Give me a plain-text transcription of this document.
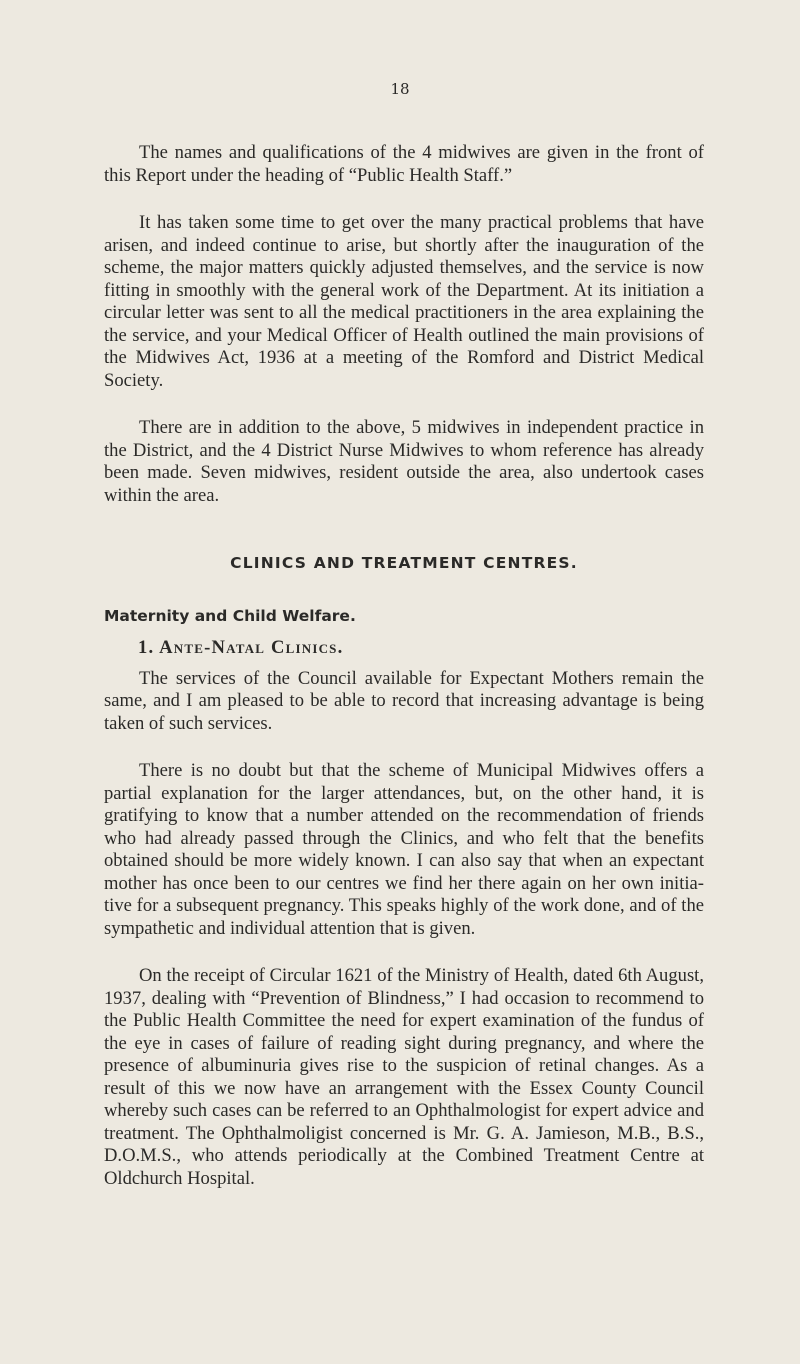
18

The names and qualifications of the 4 midwives are given in the front of this Report under the heading of “Public Health Staff.”

It has taken some time to get over the many practical problems that have arisen, and indeed continue to arise, but shortly after the inauguration of the scheme, the major matters quickly adjusted themselves, and the service is now fitting in smoothly with the general work of the Department. At its initiation a circular letter was sent to all the medical practitioners in the area explaining the the service, and your Medical Officer of Health outlined the main provisions of the Midwives Act, 1936 at a meeting of the Romford and District Medical Society.

There are in addition to the above, 5 midwives in independent practice in the District, and the 4 District Nurse Midwives to whom reference has already been made. Seven midwives, resident outside the area, also undertook cases within the area.

CLINICS AND TREATMENT CENTRES.
Maternity and Child Welfare.
1. Ante-Natal Clinics.

The services of the Council available for Expectant Mothers remain the same, and I am pleased to be able to record that increasing advantage is being taken of such services.

There is no doubt but that the scheme of Municipal Midwives offers a partial explanation for the larger attendances, but, on the other hand, it is gratifying to know that a number attended on the recommendation of friends who had already passed through the Clinics, and who felt that the benefits obtained should be more widely known. I can also say that when an expectant mother has once been to our centres we find her there again on her own initiative for a subsequent pregnancy. This speaks highly of the work done, and of the sympathetic and individual attention that is given.

On the receipt of Circular 1621 of the Ministry of Health, dated 6th August, 1937, dealing with “Prevention of Blindness,” I had occasion to recommend to the Public Health Committee the need for expert examination of the fundus of the eye in cases of failure of reading sight during pregnancy, and where the presence of albuminuria gives rise to the suspicion of retinal changes. As a result of this we now have an arrangement with the Essex County Council whereby such cases can be referred to an Ophthalmologist for expert advice and treatment. The Ophthalmoligist concerned is Mr. G. A. Jamieson, M.B., B.S., D.O.M.S., who attends periodically at the Combined Treatment Centre at Oldchurch Hospital.
